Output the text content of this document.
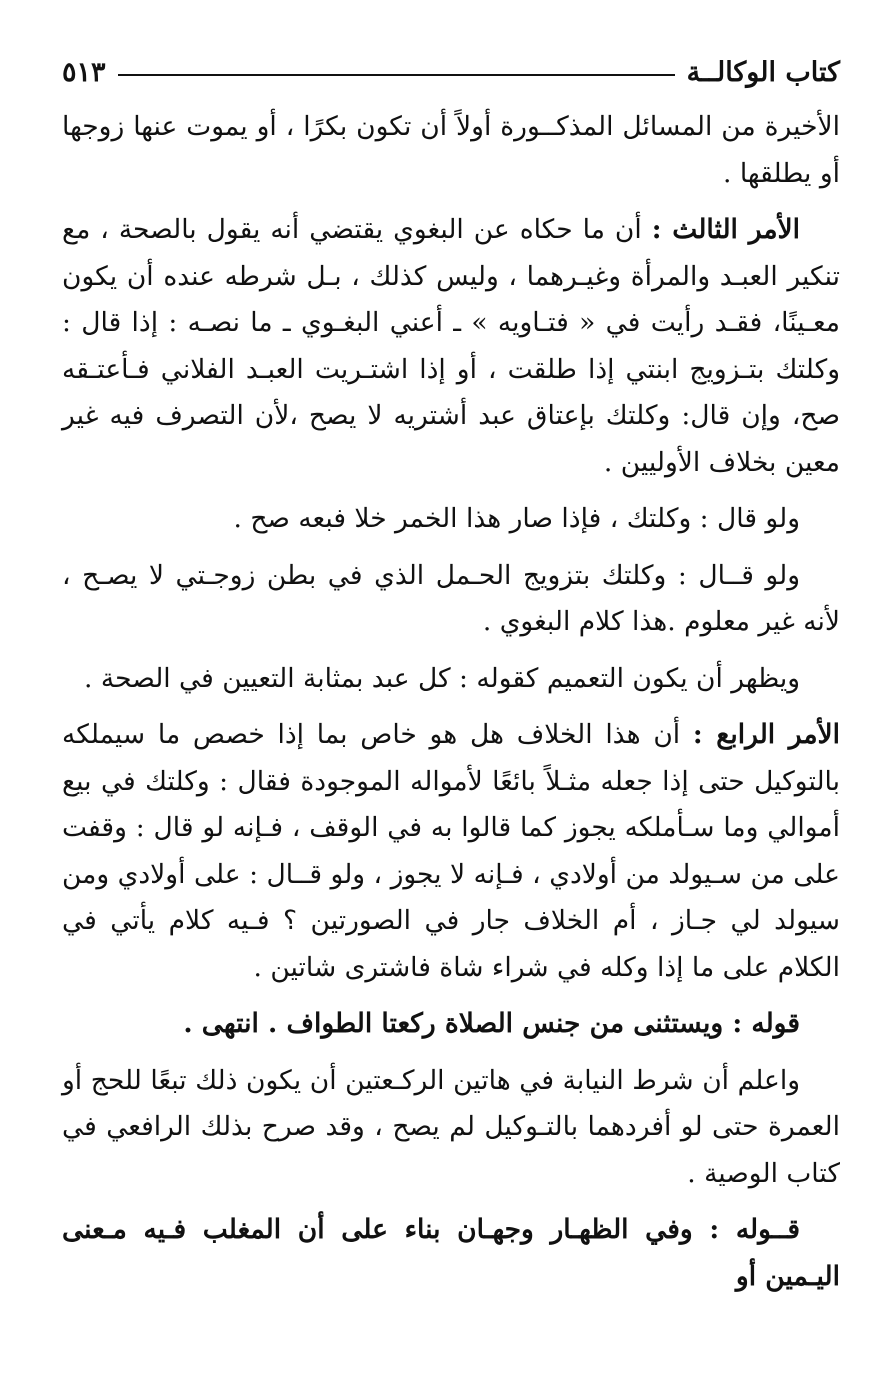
كتاب الوكالــة
٥١٣

الأخيرة من المسائل المذكــورة أولاً أن تكون بكرًا ، أو يموت عنها زوجها أو يطلقها .

الأمر الثالث : أن ما حكاه عن البغوي يقتضي أنه يقول بالصحة ، مع تنكير العبـد والمرأة وغيـرهما ، وليس كذلك ، بـل شرطه عنده أن يكون معـينًا، فقـد رأيت في « فتـاويه » ـ أعني البغـوي ـ ما نصـه : إذا قال : وكلتك بتـزويج ابنتي إذا طلقت ، أو إذا اشتـريت العبـد الفلاني فـأعتـقه صح، وإن قال: وكلتك بإعتاق عبد أشتريه لا يصح ،لأن التصرف فيه غير معين بخلاف الأوليين .

ولو قال : وكلتك ، فإذا صار هذا الخمر خلا فبعه صح .

ولو قــال : وكلتك بتزويج الحـمل الذي في بطن زوجـتي لا يصـح ، لأنه غير معلوم .هذا كلام البغوي .

ويظهر أن يكون التعميم كقوله : كل عبد بمثابة التعيين في الصحة .

الأمر الرابع : أن هذا الخلاف هل هو خاص بما إذا خصص ما سيملكه بالتوكيل حتى إذا جعله مثـلاً بائعًا لأمواله الموجودة فقال : وكلتك في بيع أموالي وما سـأملكه يجوز كما قالوا به في الوقف ، فـإنه لو قال : وقفت على من سـيولد من أولادي ، فـإنه لا يجوز ، ولو قــال : على أولادي ومن سيولد لي جـاز ، أم الخلاف جار في الصورتين ؟ فـيه كلام يأتي في الكلام على ما إذا وكله في شراء شاة فاشترى شاتين .

قوله : ويستثنى من جنس الصلاة ركعتا الطواف . انتهى .

واعلم أن شرط النيابة في هاتين الركـعتين أن يكون ذلك تبعًا للحج أو العمرة حتى لو أفردهما بالتـوكيل لم يصح ، وقد صرح بذلك الرافعي في كتاب الوصية .

قــوله : وفي الظهـار وجهـان بناء على أن المغلب فـيه مـعنى اليـمين أو
